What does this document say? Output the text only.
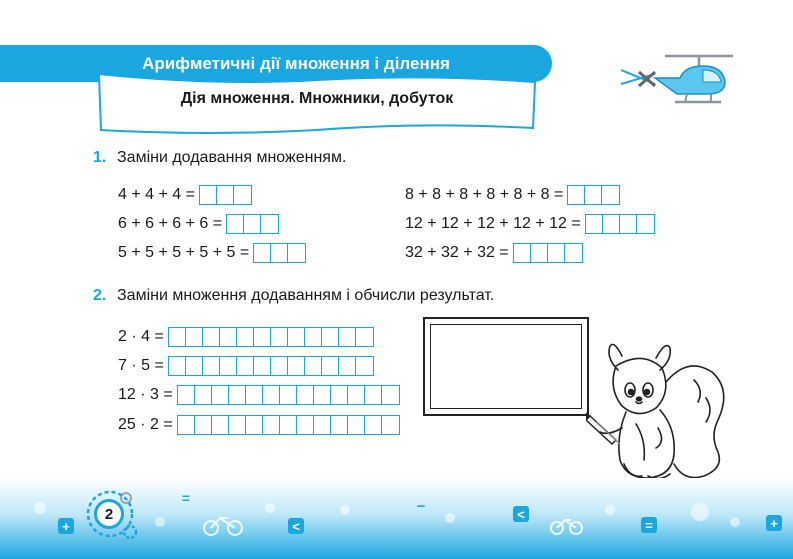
Арифметичні дії множення і ділення
Дія множення. Множники, добуток
1. Заміни додавання множенням.
4 + 4 + 4 =
6 + 6 + 6 + 6 =
5 + 5 + 5 + 5 + 5 =
8 + 8 + 8 + 8 + 8 + 8 =
12 + 12 + 12 + 12 + 12 =
32 + 32 + 32 =
2. Заміни множення додаванням і обчисли результат.
2 · 4 =
7 · 5 =
12 · 3 =
25 · 2 =
2
+
=
<
−	<
=	+
